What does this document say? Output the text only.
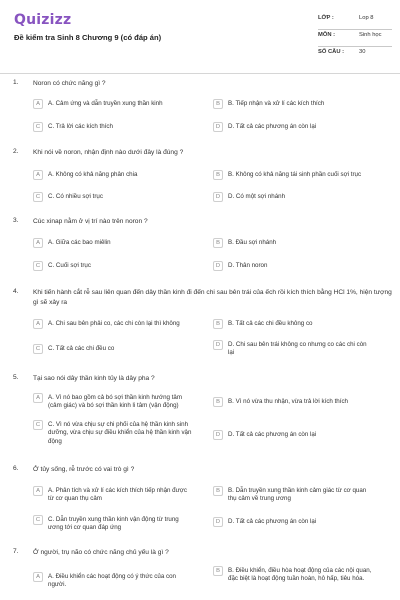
Quizizz
Đề kiểm tra Sinh 8 Chương 9 (có đáp án)
LỚP :	Lop 8
MÔN :	Sinh học
SỐ CÂU :	30
1. Noron có chức năng gì ?
A	A. Cảm ứng và dẫn truyền xung thần kinh	B	B. Tiếp nhận và xử lí các kích thích
C	C. Trả lời các kích thích	D	D. Tất cả các phương án còn lại
2. Khi nói về noron, nhận định nào dưới đây là đúng ?
A	A. Không có khả năng phân chia	B	B. Không có khả năng tái sinh phần cuối sợi trục
C	C. Có nhiều sợi trục	D	D. Có một sợi nhánh
3. Cúc xinap nằm ở vị trí nào trên noron ?
A	A. Giữa các bao miêlin	B	B. Đầu sợi nhánh
C	C. Cuối sợi trục	D	D. Thân noron
4. Khi tiến hành cắt rễ sau liên quan đến dây thần kinh đi đến chi sau bên trái của ếch rồi kích thích bằng HCl 1%, hiện tượng gì sẽ xảy ra
A	A. Chi sau bên phải co, các chi còn lại thì không	B	B. Tất cả các chi đều không co
C	C. Tất cả các chi đều co	D	D. Chi sau bên trái không co nhưng co các chi còn lại
5. Tại sao nói dây thần kinh tủy là dây pha ?
A	A. Vì nó bao gồm cả bó sợi thần kinh hướng tâm (cảm giác) và bó sợi thần kinh li tâm (vận động)
B	B. Vì nó vừa thu nhận, vừa trả lời kích thích
C	C. Vì nó vừa chịu sự chi phối của hệ thần kinh sinh dưỡng, vừa chịu sự điều khiển của hệ thần kinh vận động
D	D. Tất cả các phương án còn lại
6. Ở tủy sống, rễ trước có vai trò gì ?
A	A. Phân tích và xử lí các kích thích tiếp nhận được từ cơ quan thụ cảm
B	B. Dẫn truyền xung thần kinh cảm giác từ cơ quan thụ cảm về trung ương
C	C. Dẫn truyền xung thần kinh vận động từ trung ương tới cơ quan đáp ứng
D	D. Tất cả các phương án còn lại
7. Ở người, trụ não có chức năng chủ yếu là gì ?
A	A. Điều khiển các hoạt động có ý thức của con người.
B	B. Điều khiển, điều hòa hoạt động của các nội quan, đặc biệt là hoạt động tuần hoàn, hô hấp, tiêu hóa.
